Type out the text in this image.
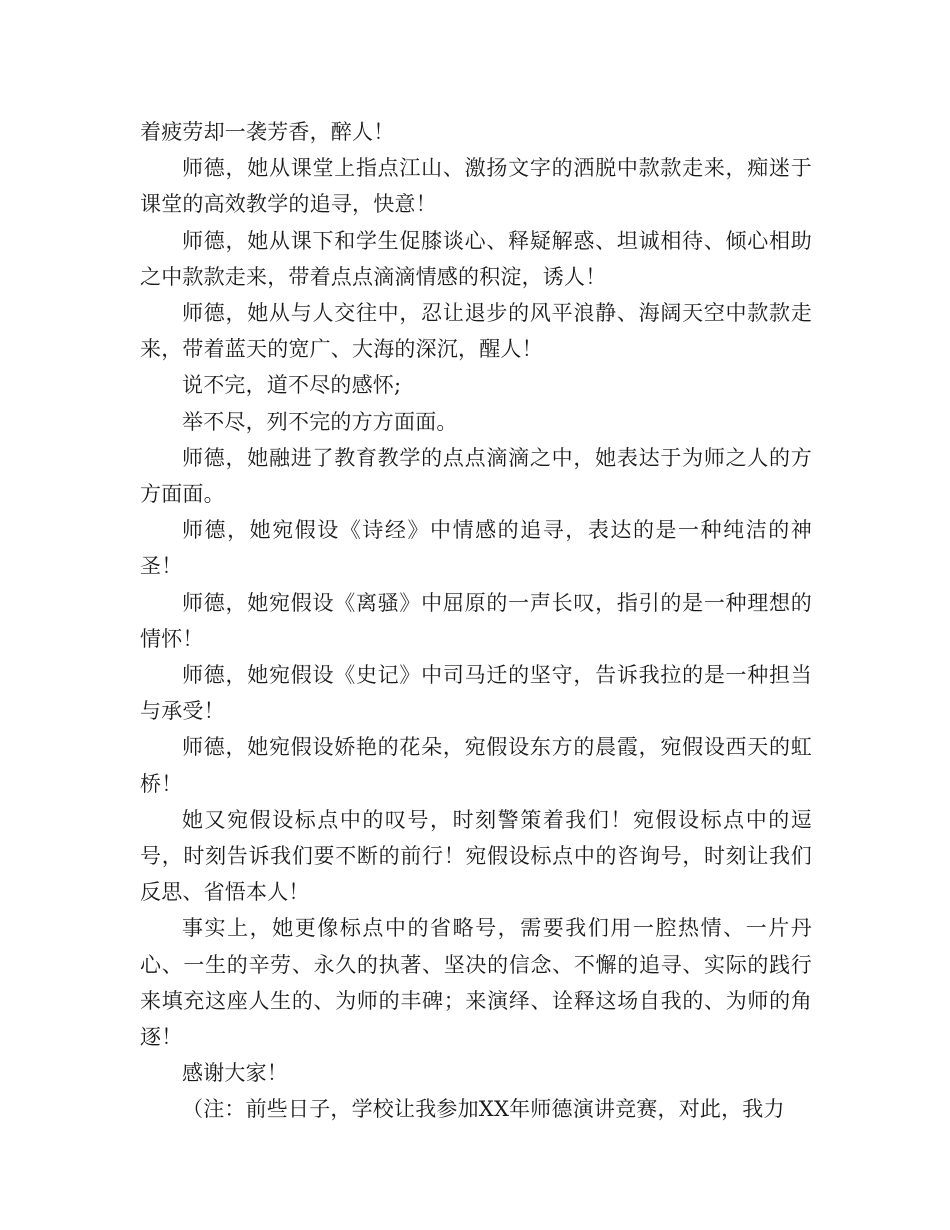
着疲劳却一袭芳香，醉人！

师德，她从课堂上指点江山、激扬文字的洒脱中款款走来，痴迷于课堂的高效教学的追寻，快意！

师德，她从课下和学生促膝谈心、释疑解惑、坦诚相待、倾心相助之中款款走来，带着点点滴滴情感的积淀，诱人！

师德，她从与人交往中，忍让退步的风平浪静、海阔天空中款款走来，带着蓝天的宽广、大海的深沉，醒人！

说不完，道不尽的感怀;

举不尽，列不完的方方面面。

师德，她融进了教育教学的点点滴滴之中，她表达于为师之人的方方面面。

师德，她宛假设《诗经》中情感的追寻，表达的是一种纯洁的神圣！

师德，她宛假设《离骚》中屈原的一声长叹，指引的是一种理想的情怀！

师德，她宛假设《史记》中司马迁的坚守，告诉我拉的是一种担当与承受！

师德，她宛假设娇艳的花朵，宛假设东方的晨霞，宛假设西天的虹桥！

她又宛假设标点中的叹号，时刻警策着我们！宛假设标点中的逗号，时刻告诉我们要不断的前行！宛假设标点中的咨询号，时刻让我们反思、省悟本人！

事实上，她更像标点中的省略号，需要我们用一腔热情、一片丹心、一生的辛劳、永久的执著、坚决的信念、不懈的追寻、实际的践行来填充这座人生的、为师的丰碑；来演绎、诠释这场自我的、为师的角逐！

感谢大家！

（注：前些日子，学校让我参加XX年师德演讲竞赛，对此，我力
